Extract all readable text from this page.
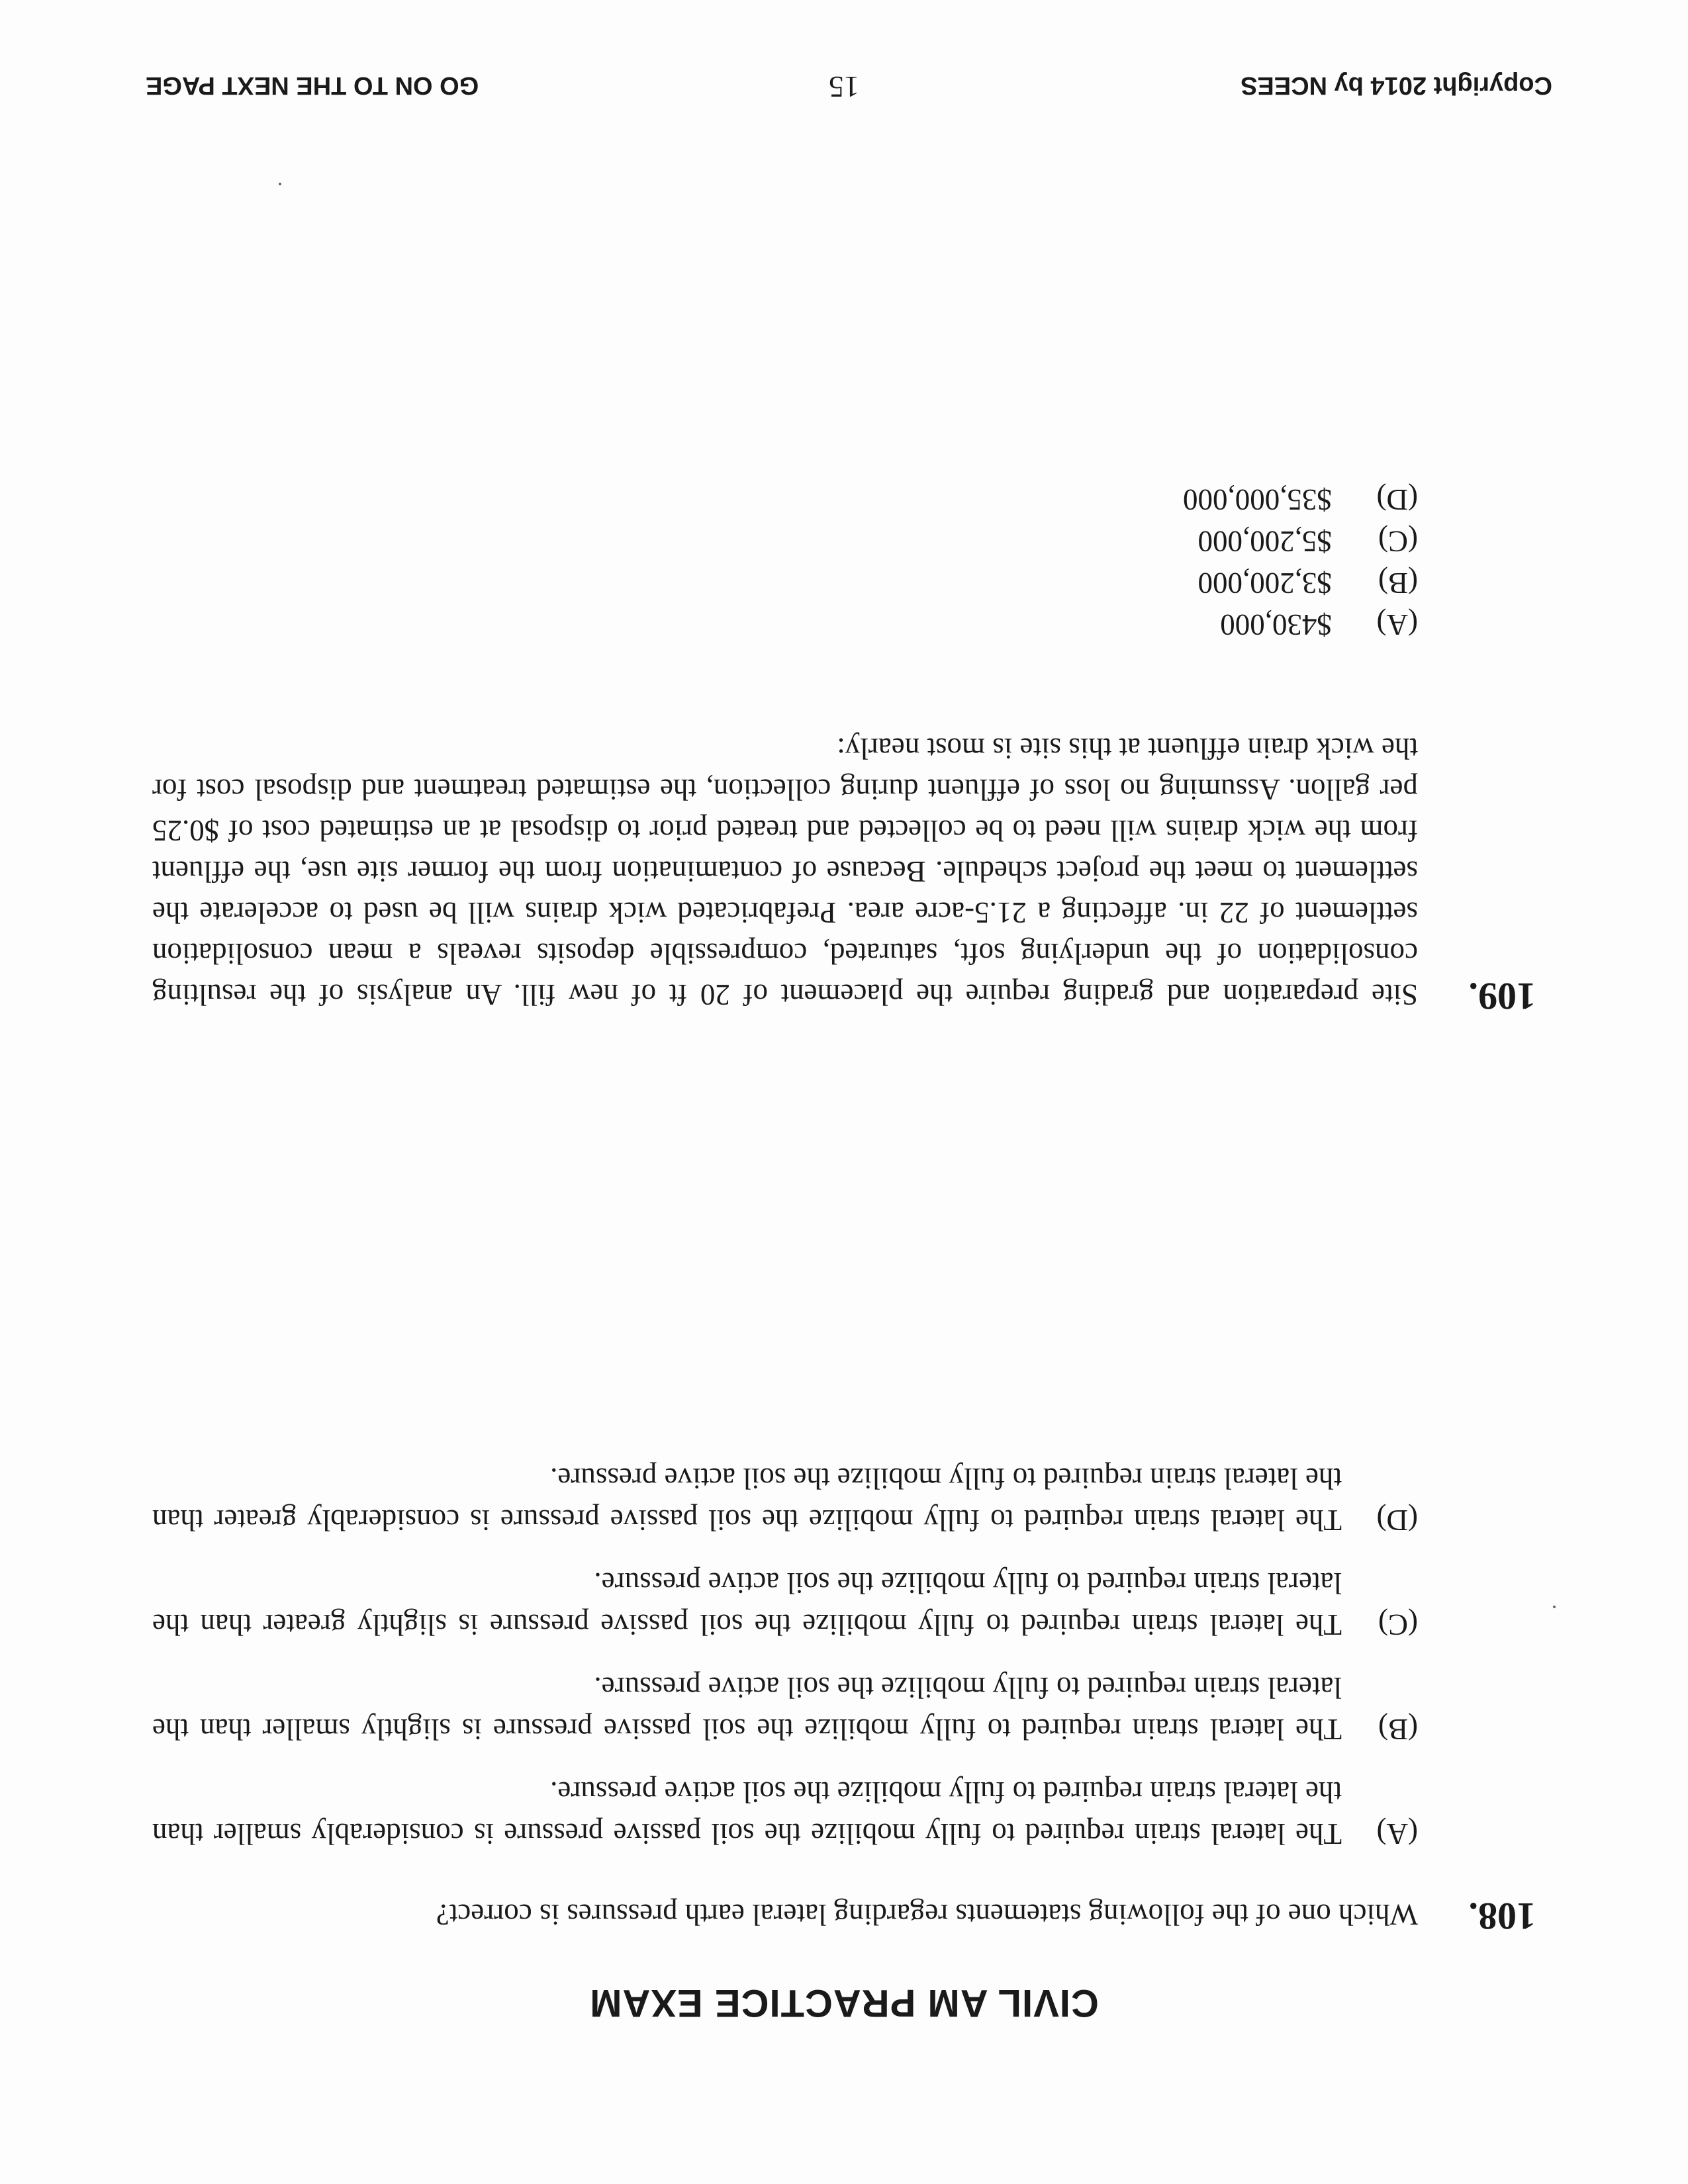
CIVIL AM PRACTICE EXAM
108.
Which one of the following statements regarding lateral earth pressures is correct?
(A)
The lateral strain required to fully mobilize the soil passive pressure is considerably smaller than the lateral strain required to fully mobilize the soil active pressure.
(B)
The lateral strain required to fully mobilize the soil passive pressure is slightly smaller than the lateral strain required to fully mobilize the soil active pressure.
(C)
The lateral strain required to fully mobilize the soil passive pressure is slightly greater than the lateral strain required to fully mobilize the soil active pressure.
(D)
The lateral strain required to fully mobilize the soil passive pressure is considerably greater than the lateral strain required to fully mobilize the soil active pressure.
109.
Site preparation and grading require the placement of 20 ft of new fill. An analysis of the resulting consolidation of the underlying soft, saturated, compressible deposits reveals a mean consolidation settlement of 22 in. affecting a 21.5-acre area. Prefabricated wick drains will be used to accelerate the settlement to meet the project schedule. Because of contamination from the former site use, the effluent from the wick drains will need to be collected and treated prior to disposal at an estimated cost of $0.25 per gallon. Assuming no loss of effluent during collection, the estimated treatment and disposal cost for the wick drain effluent at this site is most nearly:
(A)
$430,000
(B)
$3,200,000
(C)
$5,200,000
(D)
$35,000,000
Copyright 2014 by NCEES
15
GO ON TO THE NEXT PAGE
